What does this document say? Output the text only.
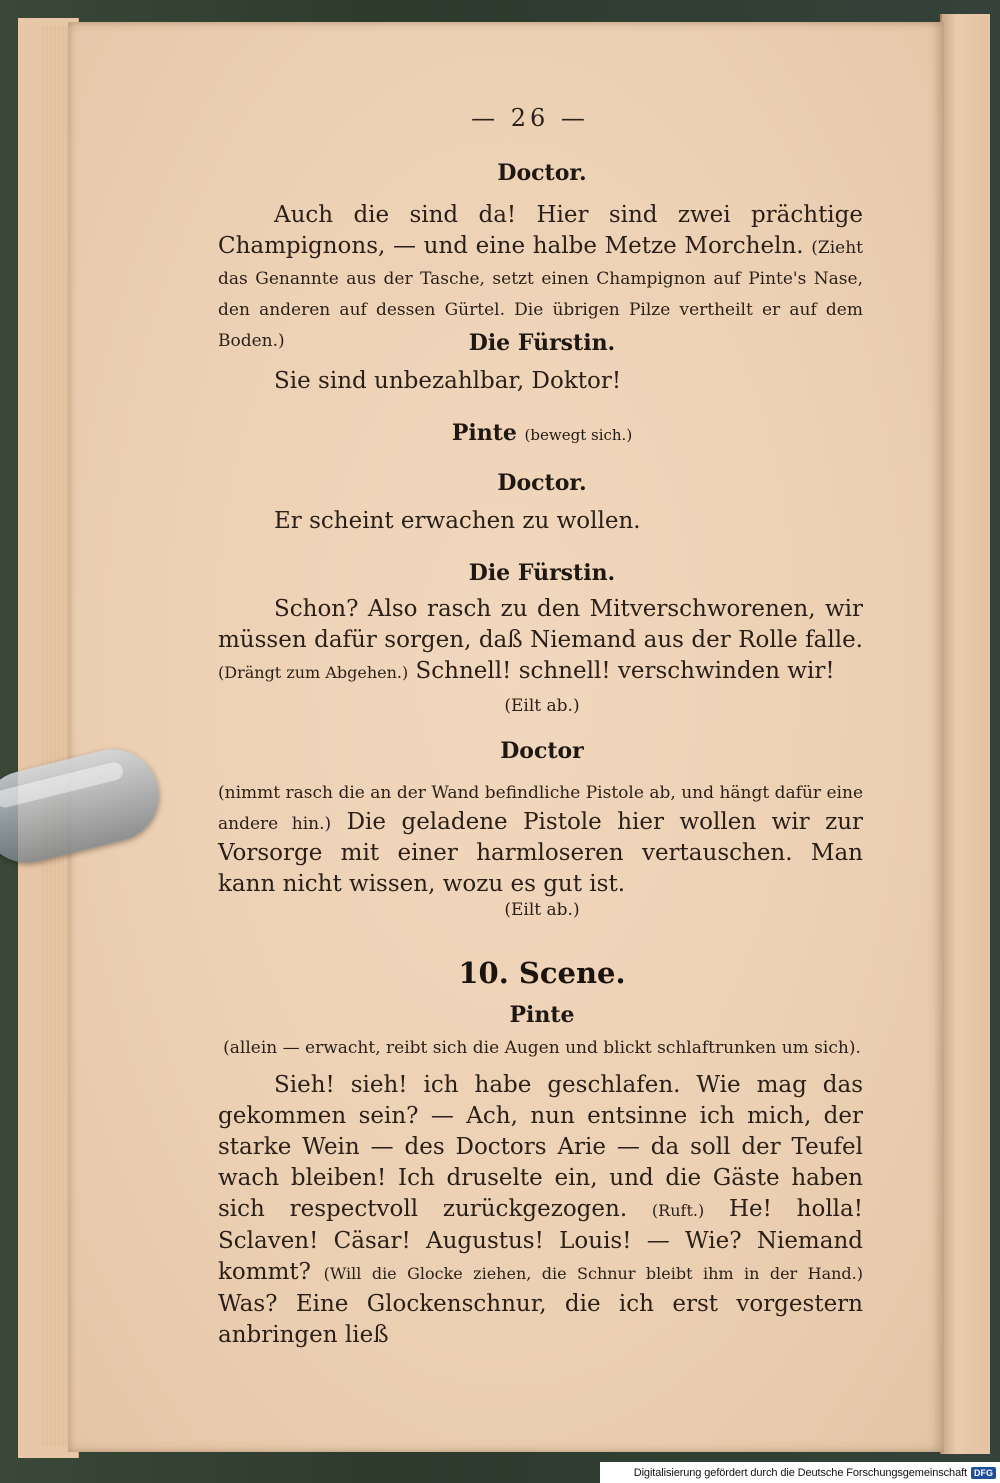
— 26 —
Doctor.
Auch die sind da! Hier sind zwei prächtige Champignons, — und eine halbe Metze Morcheln. (Zieht das Genannte aus der Tasche, setzt einen Champignon auf Pinte's Nase, den anderen auf dessen Gürtel. Die übrigen Pilze vertheilt er auf dem Boden.)	Die Fürstin.
Sie sind unbezahlbar, Doktor!
Pinte (bewegt sich.)
Doctor.
Er scheint erwachen zu wollen.
Die Fürstin.
Schon? Also rasch zu den Mitverschworenen, wir müssen dafür sorgen, daß Niemand aus der Rolle falle. (Drängt zum Abgehen.) Schnell! schnell! verschwinden wir!
(Eilt ab.)
Doctor
(nimmt rasch die an der Wand befindliche Pistole ab, und hängt dafür eine andere hin.) Die geladene Pistole hier wollen wir zur Vorsorge mit einer harmloseren vertauschen. Man kann nicht wissen, wozu es gut ist.
(Eilt ab.)
10. Scene.
Pinte
(allein — erwacht, reibt sich die Augen und blickt schlaftrunken um sich).
Sieh! sieh! ich habe geschlafen. Wie mag das gekommen sein? — Ach, nun entsinne ich mich, der starke Wein — des Doctors Arie — da soll der Teufel wach bleiben! Ich druselte ein, und die Gäste haben sich respectvoll zurückgezogen. (Ruft.) He! holla! Sclaven! Cäsar! Augustus! Louis! — Wie? Niemand kommt? (Will die Glocke ziehen, die Schnur bleibt ihm in der Hand.) Was? Eine Glockenschnur, die ich erst vorgestern anbringen ließ
Digitalisierung gefördert durch die Deutsche Forschungsgemeinschaft DFG
